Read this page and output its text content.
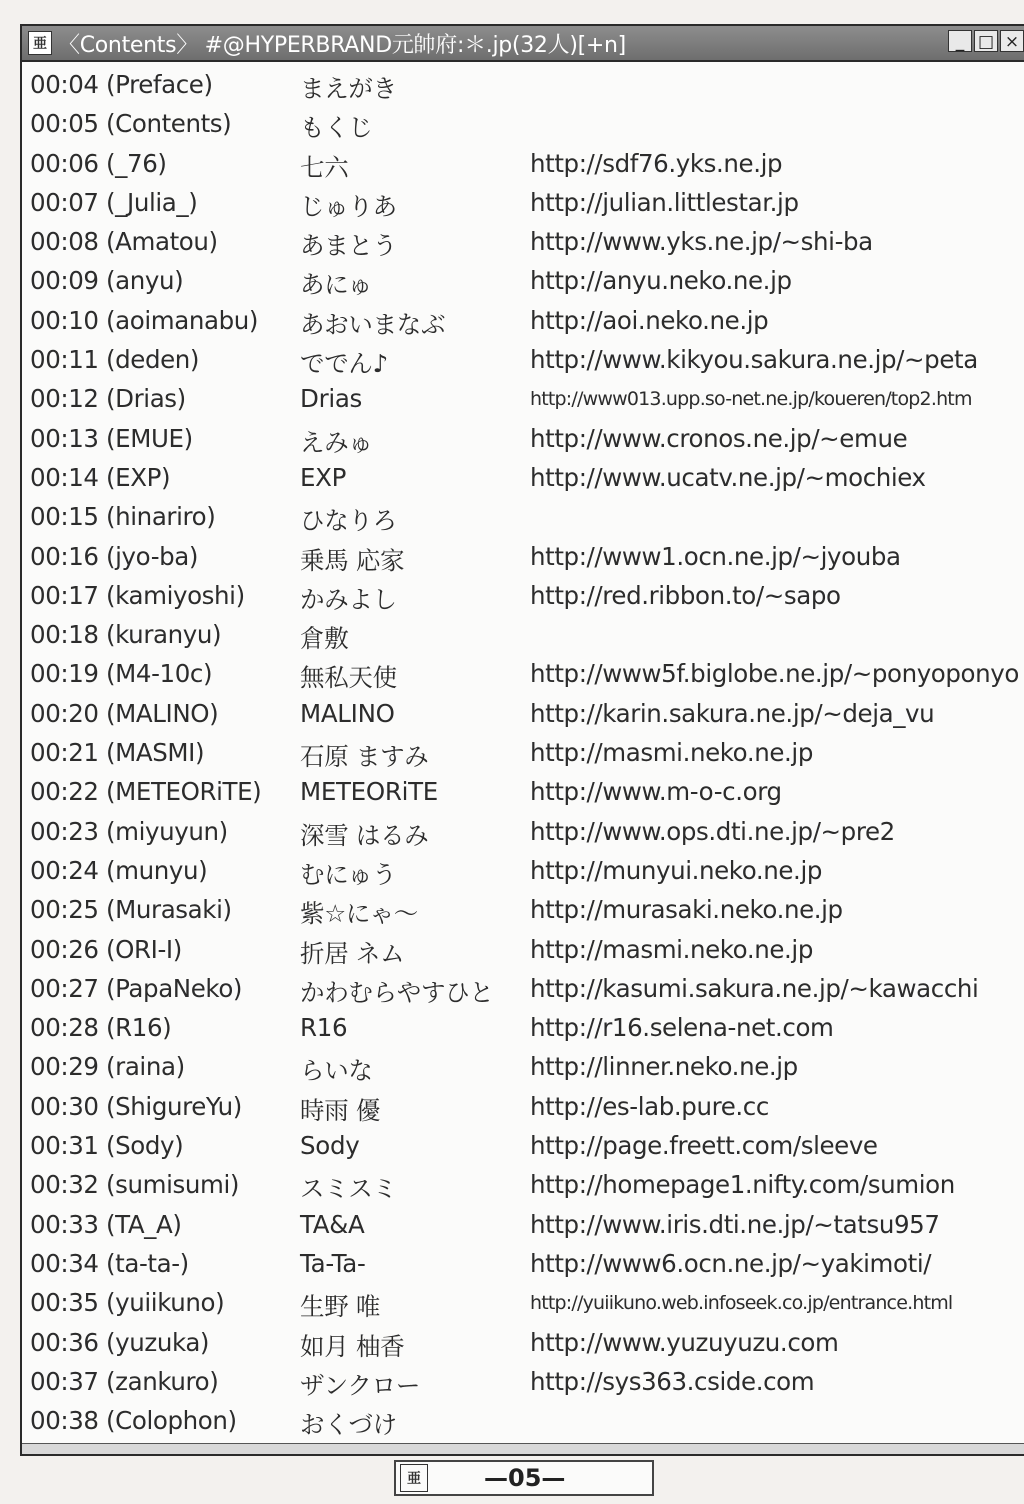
亜 〈Contents〉 #@HYPERBRAND元帥府:＊.jp(32人)[+n]	_ □ ×
00:04 (Preface)	まえがき
00:05 (Contents)	もくじ
00:06 (_76)	七六	http://sdf76.yks.ne.jp
00:07 (_Julia_)	じゅりあ	http://julian.littlestar.jp
00:08 (Amatou)	あまとう	http://www.yks.ne.jp/~shi-ba
00:09 (anyu)	あにゅ	http://anyu.neko.ne.jp
00:10 (aoimanabu) あおいまなぶ	http://aoi.neko.ne.jp
00:11 (deden)	ででん♪	http://www.kikyou.sakura.ne.jp/~peta
00:12 (Drias)	Drias	http://www013.upp.so-net.ne.jp/koueren/top2.htm
00:13 (EMUE)	えみゅ	http://www.cronos.ne.jp/~emue
00:14 (EXP)	EXP	http://www.ucatv.ne.jp/~mochiex
00:15 (hinariro)	ひなりろ
00:16 (jyo-ba)	乗馬 応家	http://www1.ocn.ne.jp/~jyouba
00:17 (kamiyoshi) かみよし	http://red.ribbon.to/~sapo
00:18 (kuranyu)	倉敷
00:19 (M4-10c)	無私天使	http://www5f.biglobe.ne.jp/~ponyoponyo
00:20 (MALINO)	MALINO	http://karin.sakura.ne.jp/~deja_vu
00:21 (MASMI)	石原 ますみ	http://masmi.neko.ne.jp
00:22 (METEORiTE) METEORiTE	http://www.m-o-c.org
00:23 (miyuyun)	深雪 はるみ	http://www.ops.dti.ne.jp/~pre2
00:24 (munyu)	むにゅう	http://munyui.neko.ne.jp
00:25 (Murasaki)	紫☆にゃ～	http://murasaki.neko.ne.jp
00:26 (ORI-I)	折居 ネム	http://masmi.neko.ne.jp
00:27 (PapaNeko) かわむらやすひと http://kasumi.sakura.ne.jp/~kawacchi
00:28 (R16)	R16	http://r16.selena-net.com
00:29 (raina)	らいな	http://linner.neko.ne.jp
00:30 (ShigureYu) 時雨 優	http://es-lab.pure.cc
00:31 (Sody)	Sody	http://page.freett.com/sleeve
00:32 (sumisumi) スミスミ	http://homepage1.nifty.com/sumion
00:33 (TA_A)	TA&A	http://www.iris.dti.ne.jp/~tatsu957
00:34 (ta-ta-)	Ta-Ta-	http://www6.ocn.ne.jp/~yakimoti/
00:35 (yuiikuno)	生野 唯	http://yuiikuno.web.infoseek.co.jp/entrance.html
00:36 (yuzuka)	如月 柚香	http://www.yuzuyuzu.com
00:37 (zankuro)	ザンクロー	http://sys363.cside.com
00:38 (Colophon)	おくづけ
亜	—05—
